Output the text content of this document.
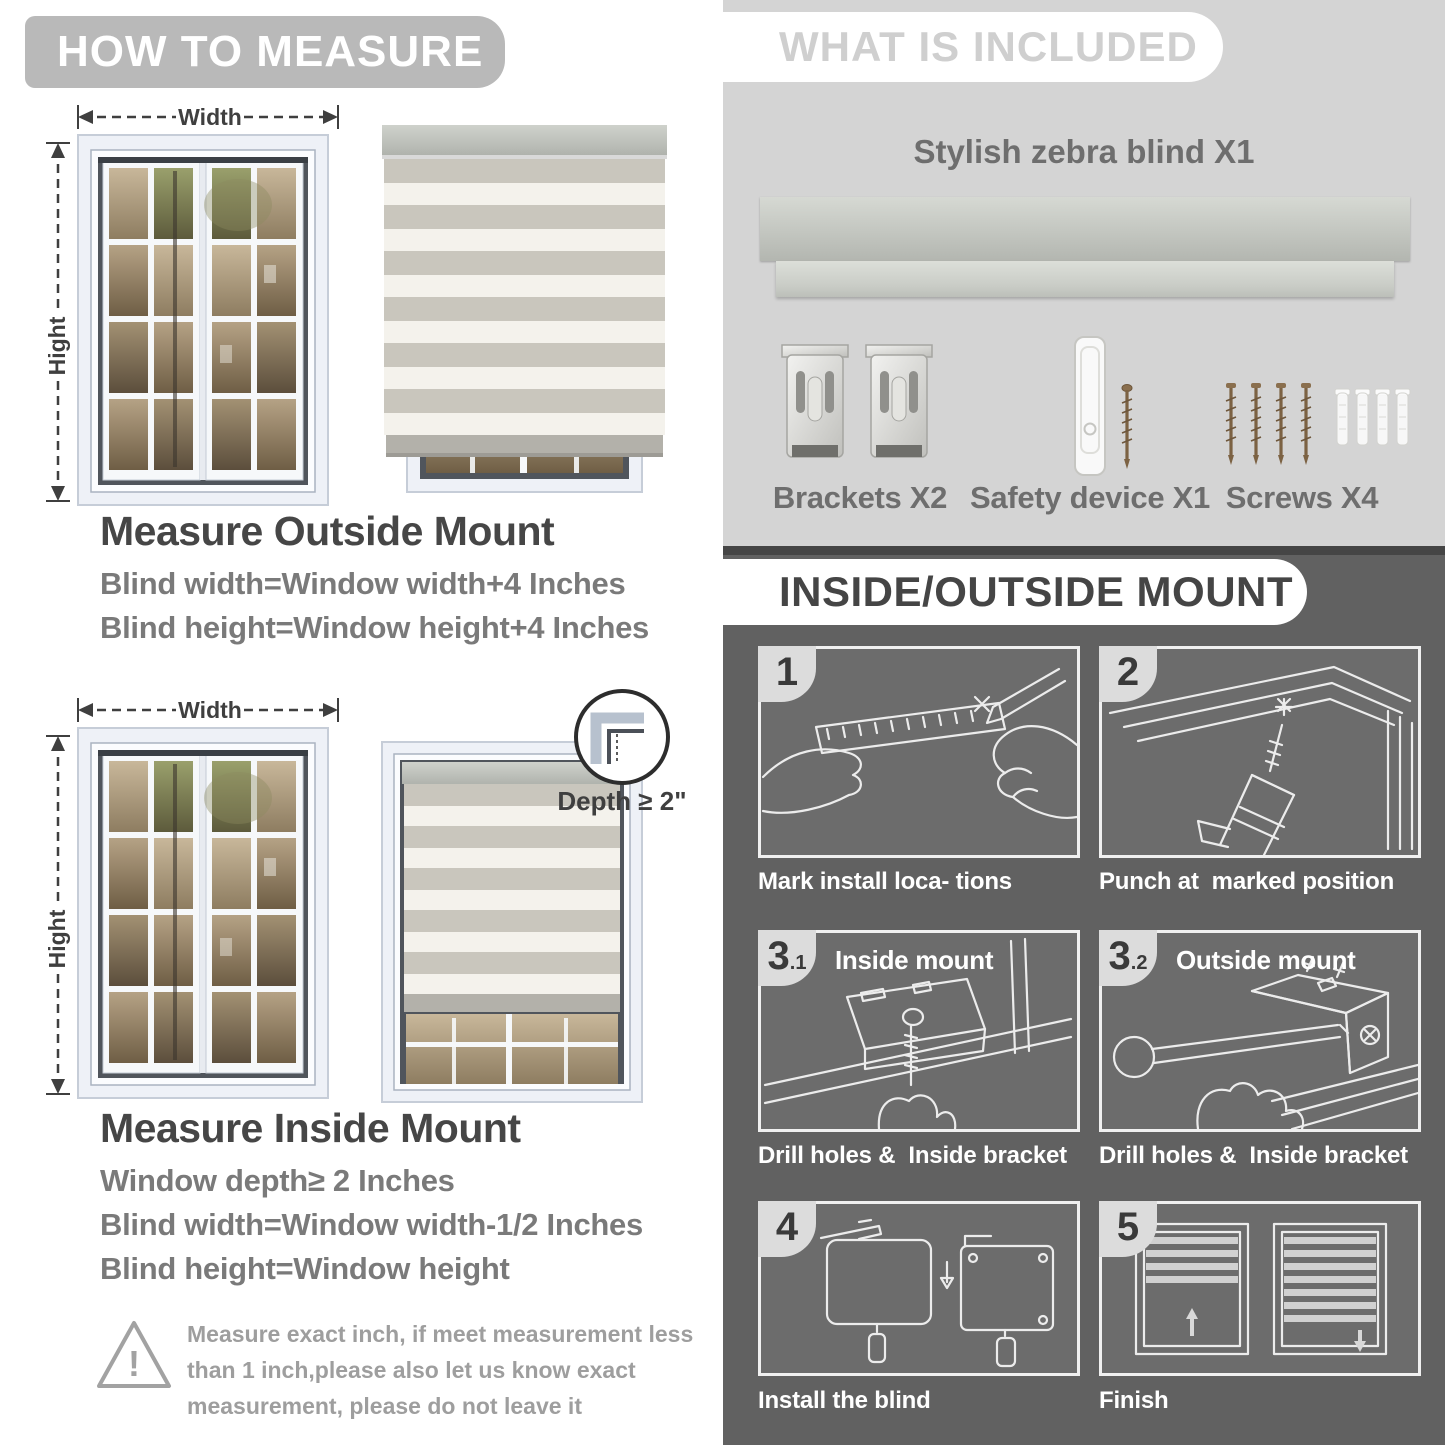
HOW TO MEASURE
Width
Hight
Measure Outside Mount
Blind width=Window width+4 Inches
Blind height=Window height+4 Inches
Width
Hight
Depth ≥ 2"
Measure Inside Mount
Window depth≥ 2 Inches
Blind width=Window width-1/2 Inches
Blind height=Window height
!
Measure exact inch, if meet measurement less
than 1 inch,please also let us know exact
measurement, please do not leave it
WHAT IS INCLUDED
Stylish zebra blind X1
Brackets X2 Safety device X1 Screws X4
INSIDE/OUTSIDE MOUNT
1
Mark install loca- tions
2
Punch at  marked position
3.1	Inside mount
Drill holes &  Inside bracket
3.2	Outside mount
Drill holes &  Inside bracket
4
Install the blind
5
Finish
